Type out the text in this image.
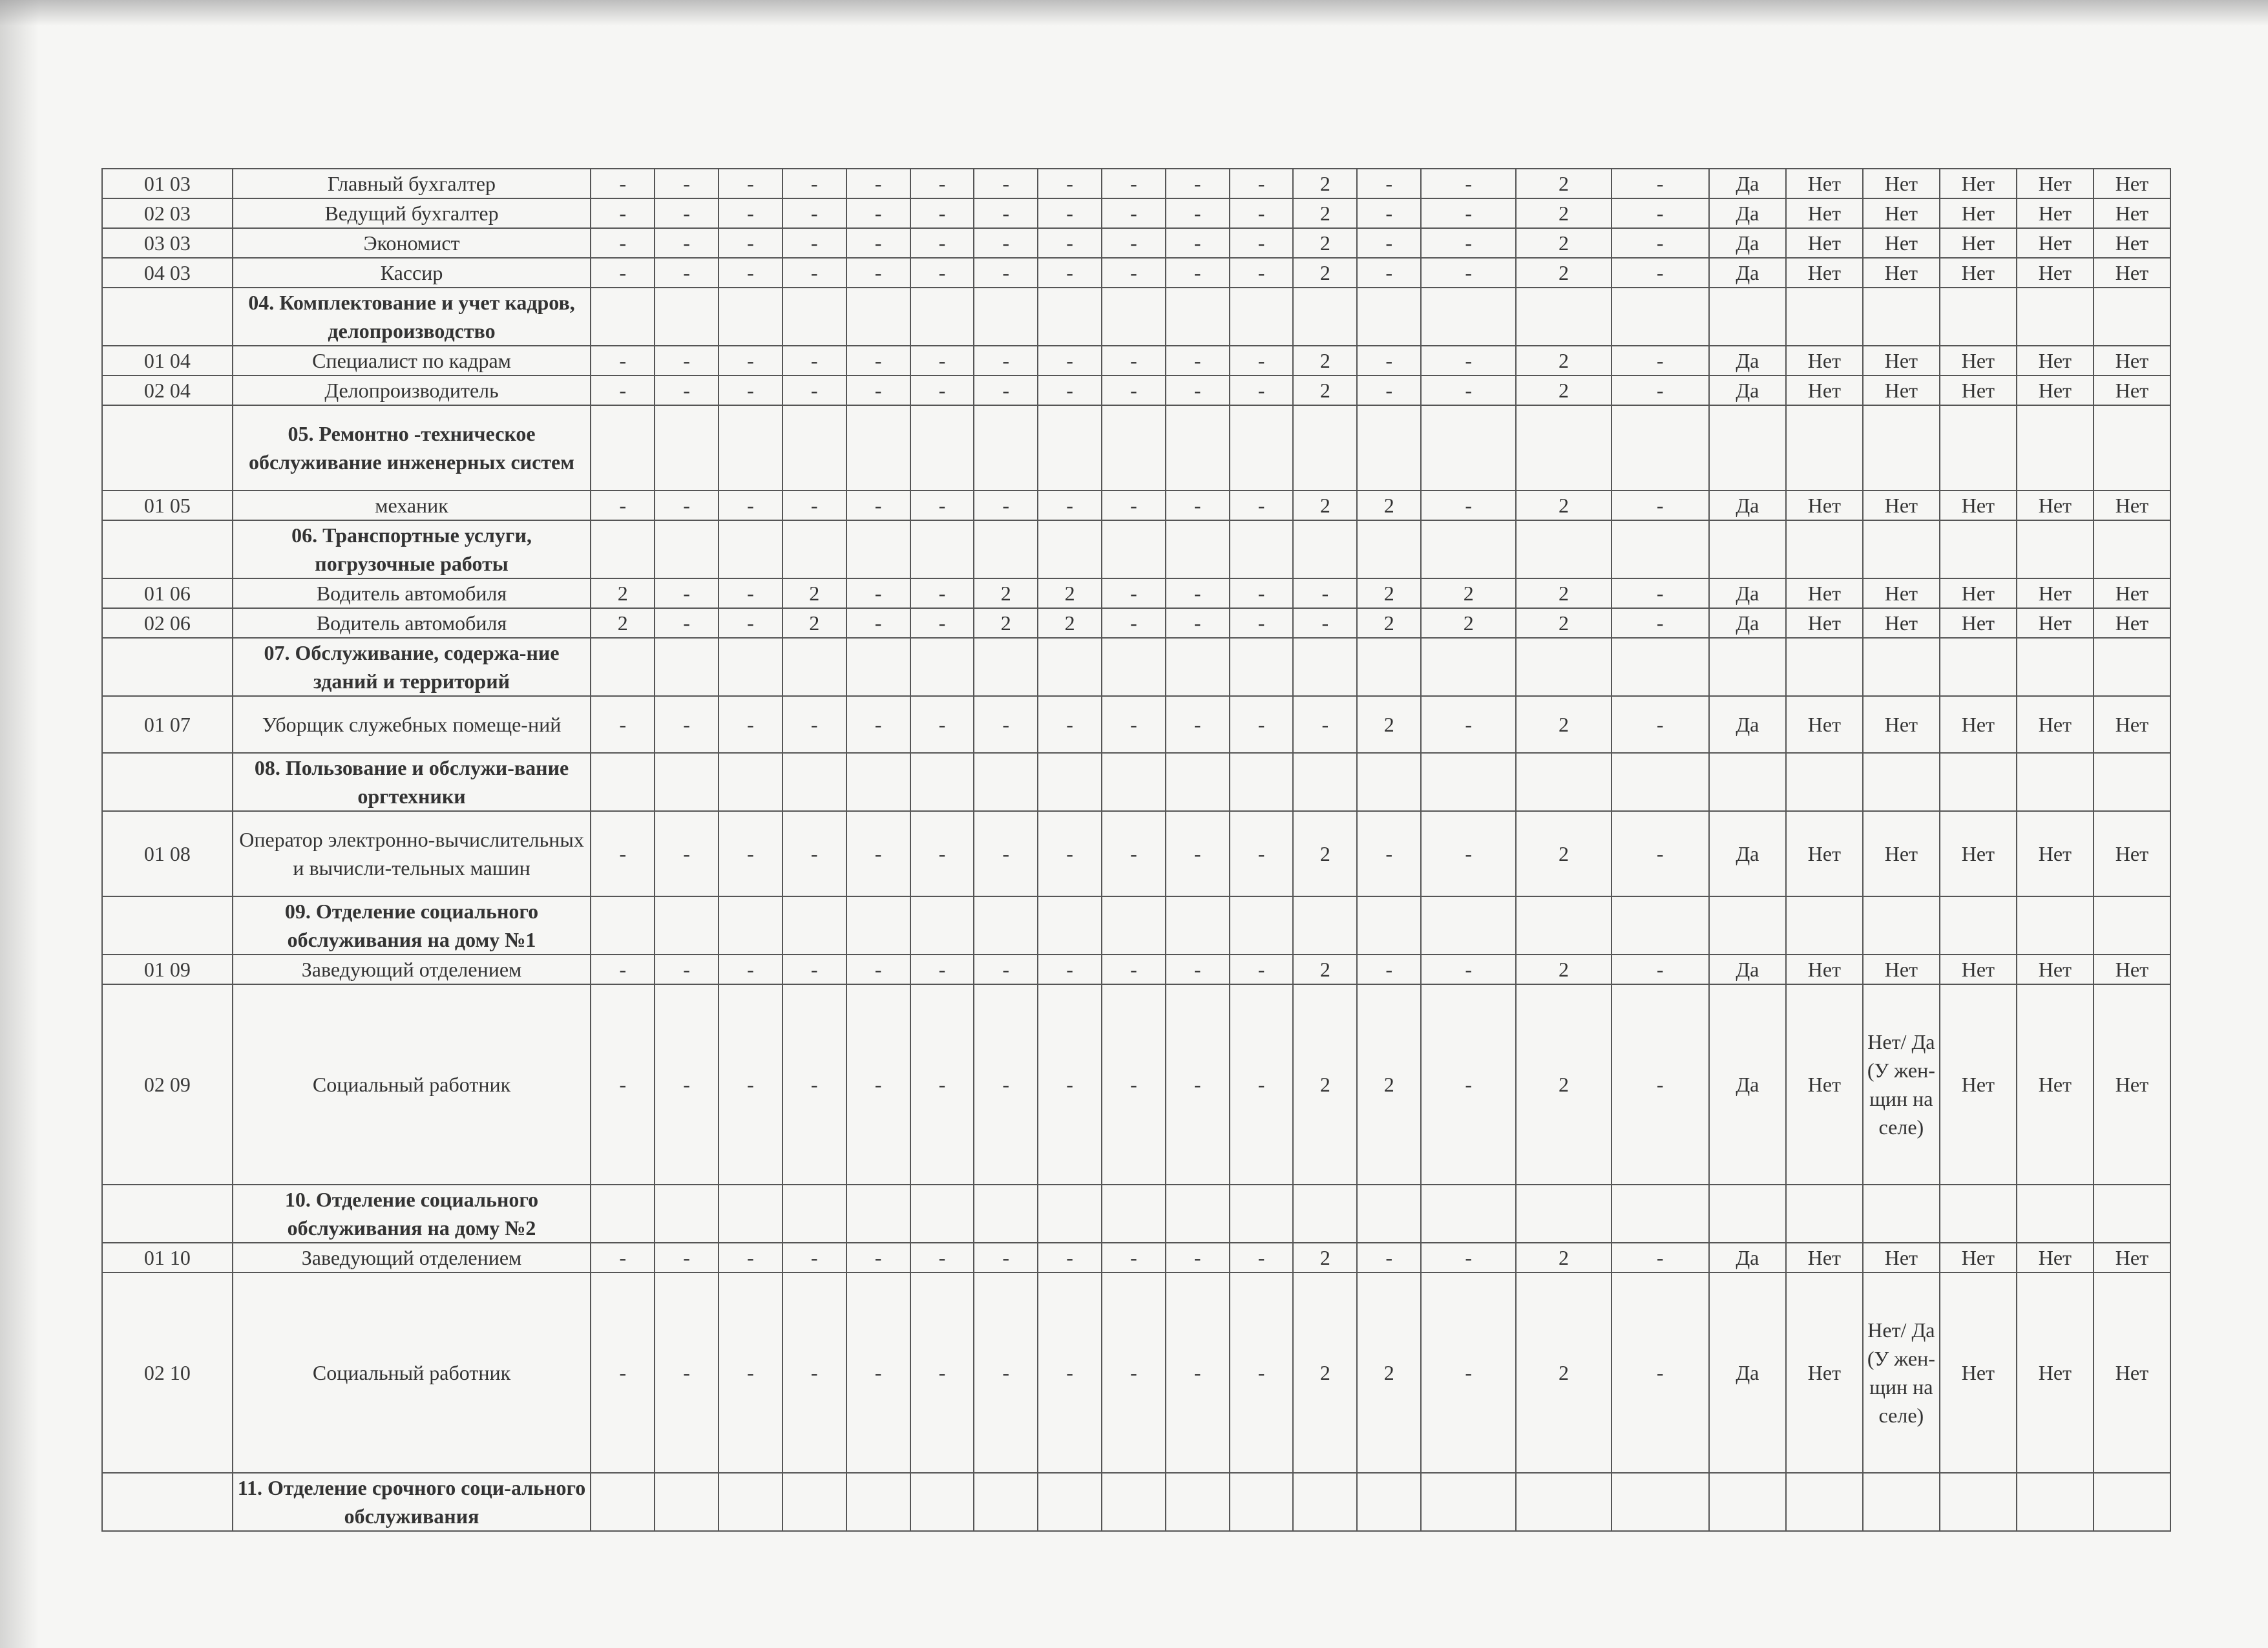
01 03	Главный бухгалтер	-	-	-	-	-	-	-	-	-	-	-	2	-	-	2	-	Да	Нет	Нет	Нет	Нет	Нет
02 03	Ведущий бухгалтер	-	-	-	-	-	-	-	-	-	-	-	2	-	-	2	-	Да	Нет	Нет	Нет	Нет	Нет
03 03	Экономист	-	-	-	-	-	-	-	-	-	-	-	2	-	-	2	-	Да	Нет	Нет	Нет	Нет	Нет
04 03	Кассир	-	-	-	-	-	-	-	-	-	-	-	2	-	-	2	-	Да	Нет	Нет	Нет	Нет	Нет
	04. Комплектование и учет кадров, делопроизводство																						
01 04	Специалист по кадрам	-	-	-	-	-	-	-	-	-	-	-	2	-	-	2	-	Да	Нет	Нет	Нет	Нет	Нет
02 04	Делопроизводитель	-	-	-	-	-	-	-	-	-	-	-	2	-	-	2	-	Да	Нет	Нет	Нет	Нет	Нет
	05. Ремонтно -техническое обслуживание инженерных систем																						
01 05	механик	-	-	-	-	-	-	-	-	-	-	-	2	2	-	2	-	Да	Нет	Нет	Нет	Нет	Нет
	06. Транспортные услуги, погрузочные работы																						
01 06	Водитель автомобиля	2	-	-	2	-	-	2	2	-	-	-	-	2	2	2	-	Да	Нет	Нет	Нет	Нет	Нет
02 06	Водитель автомобиля	2	-	-	2	-	-	2	2	-	-	-	-	2	2	2	-	Да	Нет	Нет	Нет	Нет	Нет
	07. Обслуживание, содержа-ние зданий и территорий																						
01 07	Уборщик служебных помеще-ний	-	-	-	-	-	-	-	-	-	-	-	-	2	-	2	-	Да	Нет	Нет	Нет	Нет	Нет
	08. Пользование и обслужи-вание оргтехники																						
01 08	Оператор электронно-вычислительных и вычисли-тельных машин	-	-	-	-	-	-	-	-	-	-	-	2	-	-	2	-	Да	Нет	Нет	Нет	Нет	Нет
	09. Отделение социального обслуживания на дому №1																						
01 09	Заведующий отделением	-	-	-	-	-	-	-	-	-	-	-	2	-	-	2	-	Да	Нет	Нет	Нет	Нет	Нет
02 09	Социальный работник	-	-	-	-	-	-	-	-	-	-	-	2	2	-	2	-	Да	Нет	Нет/ Да (У жен-щин на селе)	Нет	Нет	Нет
	10. Отделение социального обслуживания на дому №2																						
01 10	Заведующий отделением	-	-	-	-	-	-	-	-	-	-	-	2	-	-	2	-	Да	Нет	Нет	Нет	Нет	Нет
02 10	Социальный работник	-	-	-	-	-	-	-	-	-	-	-	2	2	-	2	-	Да	Нет	Нет/ Да (У жен-щин на селе)	Нет	Нет	Нет
	11. Отделение срочного соци-ального обслуживания																						
